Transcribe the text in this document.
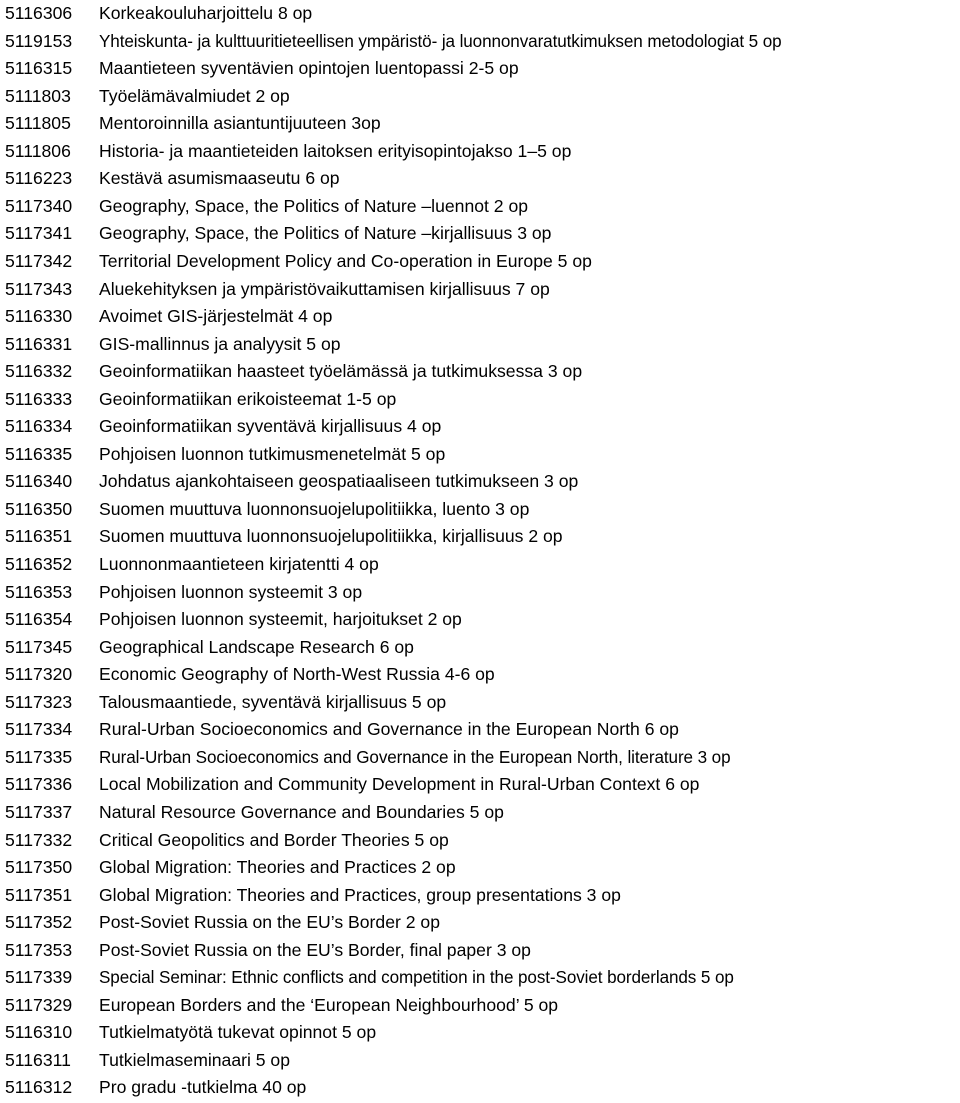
5116306	Korkeakouluharjoittelu 8 op
5119153	Yhteiskunta- ja kulttuuritieteellisen ympäristö- ja luonnonvaratutkimuksen metodologiat 5 op
5116315	Maantieteen syventävien opintojen luentopassi 2-5 op
5111803	Työelämävalmiudet 2 op
5111805	Mentoroinnilla asiantuntijuuteen 3op
5111806	Historia- ja maantieteiden laitoksen erityisopintojakso 1–5 op
5116223	Kestävä asumismaaseutu 6 op
5117340	Geography, Space, the Politics of Nature –luennot 2 op
5117341	Geography, Space, the Politics of Nature –kirjallisuus 3 op
5117342	Territorial Development Policy and Co-operation in Europe 5 op
5117343	Aluekehityksen ja ympäristövaikuttamisen kirjallisuus 7 op
5116330	Avoimet GIS-järjestelmät 4 op
5116331	GIS-mallinnus ja analyysit 5 op
5116332	Geoinformatiikan haasteet työelämässä ja tutkimuksessa 3 op
5116333	Geoinformatiikan erikoisteemat 1-5 op
5116334	Geoinformatiikan syventävä kirjallisuus 4 op
5116335	Pohjoisen luonnon tutkimusmenetelmät 5 op
5116340	Johdatus ajankohtaiseen geospatiaaliseen tutkimukseen 3 op
5116350	Suomen muuttuva luonnonsuojelupolitiikka, luento 3 op
5116351	Suomen muuttuva luonnonsuojelupolitiikka, kirjallisuus 2 op
5116352	Luonnonmaantieteen kirjatentti 4 op
5116353	Pohjoisen luonnon systeemit 3 op
5116354	Pohjoisen luonnon systeemit, harjoitukset 2 op
5117345	Geographical Landscape Research 6 op
5117320	Economic Geography of North-West Russia 4-6 op
5117323	Talousmaantiede, syventävä kirjallisuus 5 op
5117334	Rural-Urban Socioeconomics and Governance in the European North 6 op
5117335	Rural-Urban Socioeconomics and Governance in the European North, literature 3 op
5117336	Local Mobilization and Community Development in Rural-Urban Context 6 op
5117337	Natural Resource Governance and Boundaries 5 op
5117332	Critical Geopolitics and Border Theories 5 op
5117350	Global Migration: Theories and Practices 2 op
5117351	Global Migration: Theories and Practices, group presentations 3 op
5117352	Post-Soviet Russia on the EU’s Border 2 op
5117353	Post-Soviet Russia on the EU’s Border, final paper 3 op
5117339	Special Seminar: Ethnic conflicts and competition in the post-Soviet borderlands 5 op
5117329	European Borders and the ‘European Neighbourhood’ 5 op
5116310	Tutkielmatyötä tukevat opinnot 5 op
5116311	Tutkielmaseminaari 5 op
5116312	Pro gradu -tutkielma 40 op
